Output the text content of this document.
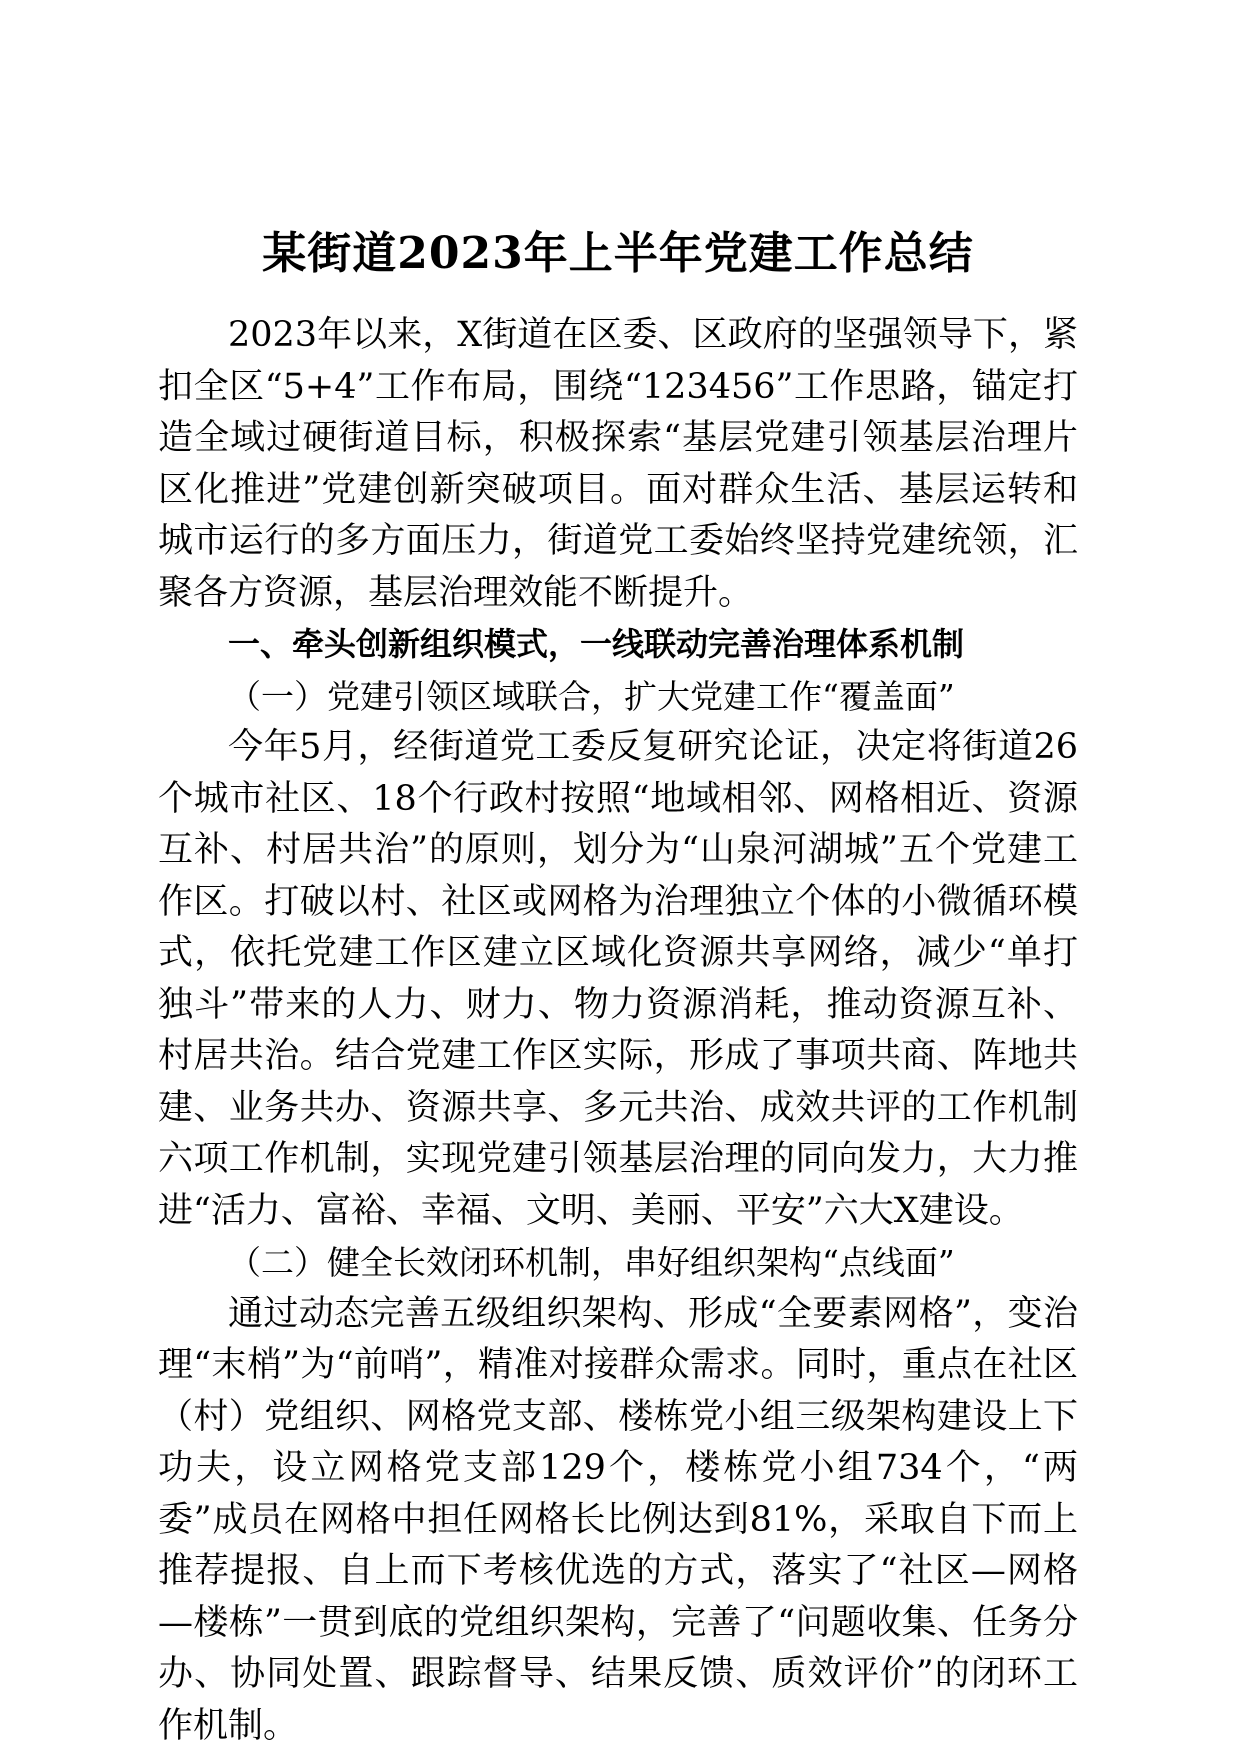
某街道2023年上半年党建工作总结

2023年以来，X街道在区委、区政府的坚强领导下，紧扣全区“5+4”工作布局，围绕“123456”工作思路，锚定打造全域过硬街道目标，积极探索“基层党建引领基层治理片区化推进”党建创新突破项目。面对群众生活、基层运转和城市运行的多方面压力，街道党工委始终坚持党建统领，汇聚各方资源，基层治理效能不断提升。

一、牵头创新组织模式，一线联动完善治理体系机制

（一）党建引领区域联合，扩大党建工作“覆盖面”

今年5月，经街道党工委反复研究论证，决定将街道26个城市社区、18个行政村按照“地域相邻、网格相近、资源互补、村居共治”的原则，划分为“山泉河湖城”五个党建工作区。打破以村、社区或网格为治理独立个体的小微循环模式，依托党建工作区建立区域化资源共享网络，减少“单打独斗”带来的人力、财力、物力资源消耗，推动资源互补、村居共治。结合党建工作区实际，形成了事项共商、阵地共建、业务共办、资源共享、多元共治、成效共评的工作机制六项工作机制，实现党建引领基层治理的同向发力，大力推进“活力、富裕、幸福、文明、美丽、平安”六大X建设。

（二）健全长效闭环机制，串好组织架构“点线面”

通过动态完善五级组织架构、形成“全要素网格”，变治理“末梢”为“前哨”，精准对接群众需求。同时，重点在社区（村）党组织、网格党支部、楼栋党小组三级架构建设上下功夫，设立网格党支部129个，楼栋党小组734个，“两委”成员在网格中担任网格长比例达到81%，采取自下而上推荐提报、自上而下考核优选的方式，落实了“社区—网格—楼栋”一贯到底的党组织架构，完善了“问题收集、任务分办、协同处置、跟踪督导、结果反馈、质效评价”的闭环工作机制。
